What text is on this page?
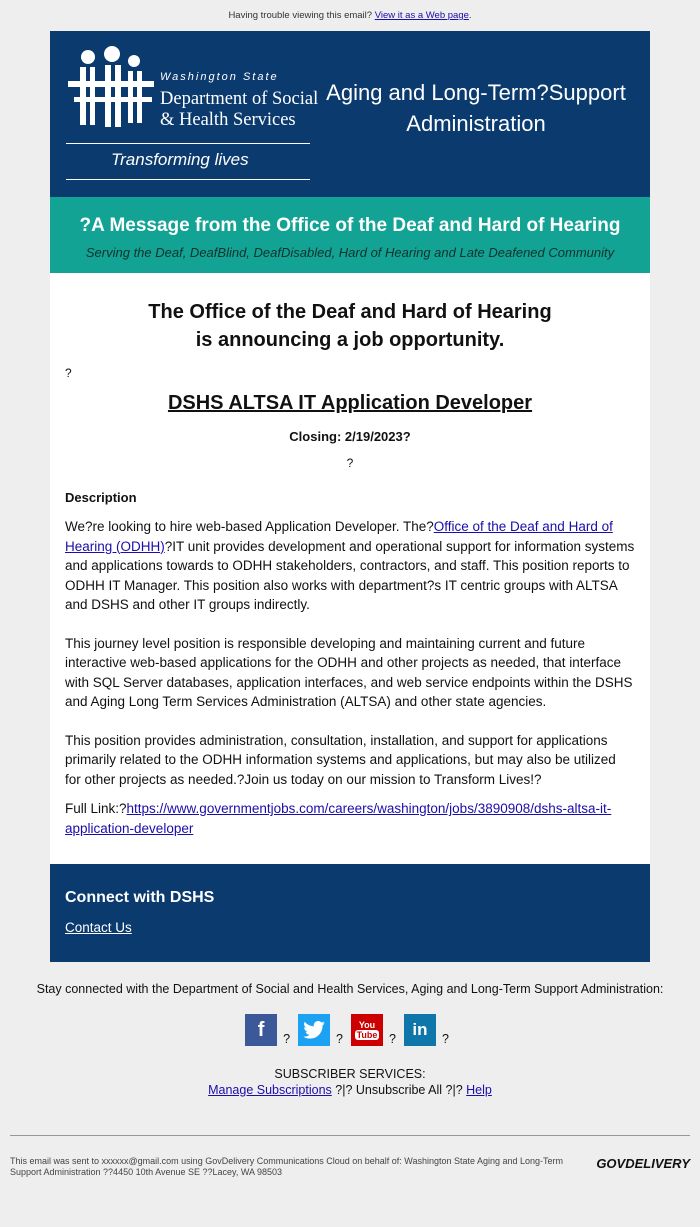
Having trouble viewing this email? View it as a Web page.
Washington State
Department of Social
& Health Services
Transforming lives
Aging and Long-Term?Support
Administration
?A Message from the Office of the Deaf and Hard of Hearing
Serving the Deaf, DeafBlind, DeafDisabled, Hard of Hearing and Late Deafened Community
The Office of the Deaf and Hard of Hearing
is announcing a job opportunity.
?
DSHS ALTSA IT Application Developer
Closing: 2/19/2023?
?
Description

We?re looking to hire web-based Application Developer. The?Office of the Deaf and Hard of Hearing (ODHH)?IT unit provides development and operational support for information systems and applications towards to ODHH stakeholders, contractors, and staff. This position reports to ODHH IT Manager. This position also works with department?s IT centric groups with ALTSA and DSHS and other IT groups indirectly.

This journey level position is responsible developing and maintaining current and future interactive web-based applications for the ODHH and other projects as needed, that interface with SQL Server databases, application interfaces, and web service endpoints within the DSHS and Aging Long Term Services Administration (ALTSA) and other state agencies.

This position provides administration, consultation, installation, and support for applications primarily related to the ODHH information systems and applications, but may also be utilized for other projects as needed.?Join us today on our mission to Transform Lives!?

Full Link:?https://www.governmentjobs.com/careers/washington/jobs/3890908/dshs-altsa-it-application-developer

Connect with DSHS
Contact Us
Stay connected with the Department of Social and Health Services, Aging and Long-Term Support Administration:
f ?	?
You
Tube ? in ?
SUBSCRIBER SERVICES:
Manage Subscriptions ?|? Unsubscribe All ?|? Help
This email was sent to xxxxxx@gmail.com using GovDelivery Communications Cloud on behalf of: Washington State Aging and Long-Term Support Administration ??4450 10th Avenue SE ??Lacey, WA 98503
GOVDELIVERY
